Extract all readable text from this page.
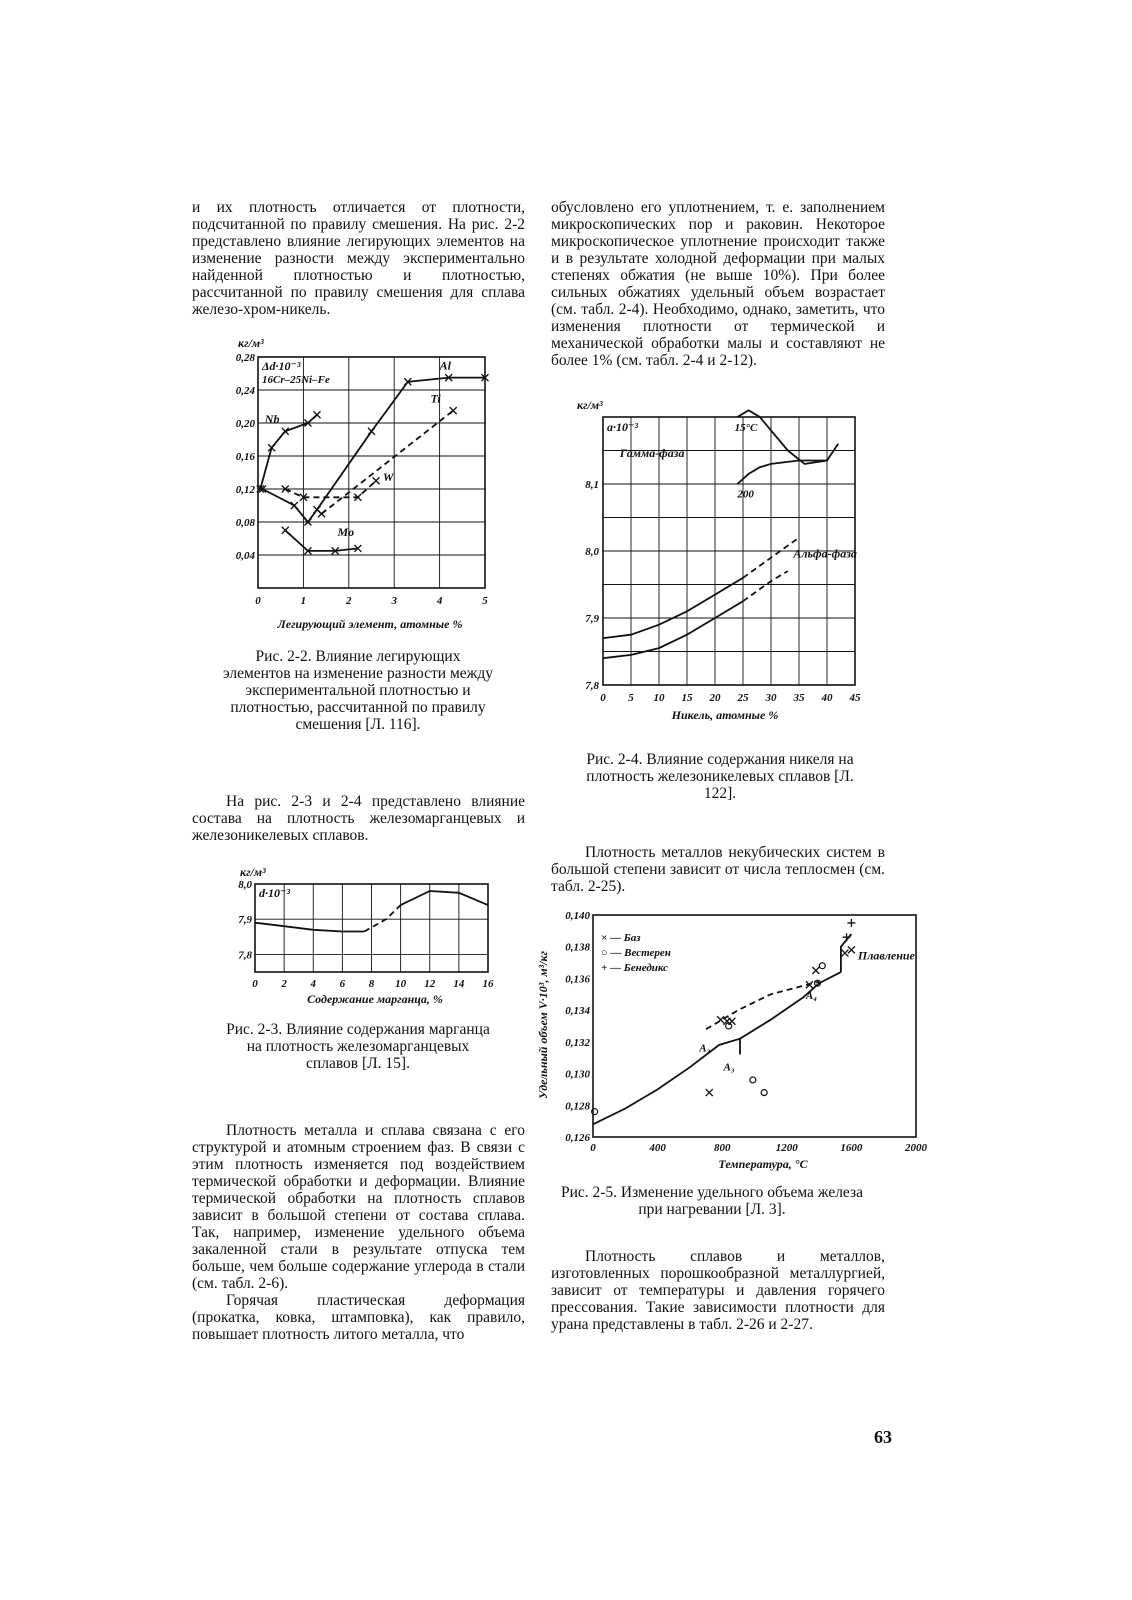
и их плотность отличается от плотности, подсчитанной по правилу смешения. На рис. 2-2 представлено влияние легирующих элементов на изменение разности между экспериментально найденной плотностью и плотностью, рассчитанной по правилу смешения для сплава железо-хром-никель.

На рис. 2-3 и 2-4 представлено влияние состава на плотность железомарганцевых и железоникелевых сплавов.

Плотность металла и сплава связана с его структурой и атомным строением фаз. В связи с этим плотность изменяется под воздействием термической обработки и деформации. Влияние термической обработки на плотность сплавов зависит в большой степени от состава сплава. Так, например, изменение удельного объема закаленной стали в результате отпуска тем больше, чем больше содержание углерода в стали (см. табл. 2-6).

Горячая пластическая деформация (прокатка, ковка, штамповка), как правило, повышает плотность литого металла, что

обусловлено его уплотнением, т. е. заполнением микроскопических пор и раковин. Некоторое микроскопическое уплотнение происходит также и в результате холодной деформации при малых степенях обжатия (не выше 10%). При более сильных обжатиях удельный объем возрастает (см. табл. 2-4). Необходимо, однако, заметить, что изменения плотности от термической и механической обработки малы и составляют не более 1% (см. табл. 2-4 и 2-12).

Плотность металлов некубических систем в большой степени зависит от числа теплосмен (см. табл. 2-25).

Плотность сплавов и металлов, изготовленных порошкообразной металлургией, зависит от температуры и давления горячего прессования. Такие зависимости плотности для урана представлены в табл. 2-26 и 2-27.

Рис. 2-2. Влияние легирующих элементов на изменение разности между экспериментальной плотностью и плотностью, рассчитанной по правилу смешения [Л. 116].
Рис. 2-3. Влияние содержания марганца на плотность железомарганцевых сплавов [Л. 15].
Рис. 2-4. Влияние содержания никеля на плотность железоникелевых сплавов [Л. 122].
Рис. 2-5. Изменение удельного объема железа при нагревании [Л. 3].
63
0,04
0,08
0,12
0,16
0,20
0,24
0,28
0	1	2	3	4	5
кг/м³
Δd·10⁻³
16Cr–25Ni–Fe
Легирующий элемент, атомные %
Al
Nb
Ti
W
Mo
7,8
7,9
8,0
0 2 4 6 8 10 12 14 16
кг/м³
d·10⁻³
Содержание марганца, %
7,8
7,9
8,0
8,1
0 5 10 15 20 25 30 35 40 45
кг/м³
a·10⁻³
Гамма-фаза
Альфа-фаза
15°C
200
Никель, атомные %
0,126
0,128
0,130
0,132
0,134
0,136
0,138
0,140
0	400	800	1200	1600	2000
Температура, °C
Удельный объем V·10³, м³/кг
× — Баз
○ — Вестерен
+ — Бенедикс
Плавление
A₂
A₃
A₄
